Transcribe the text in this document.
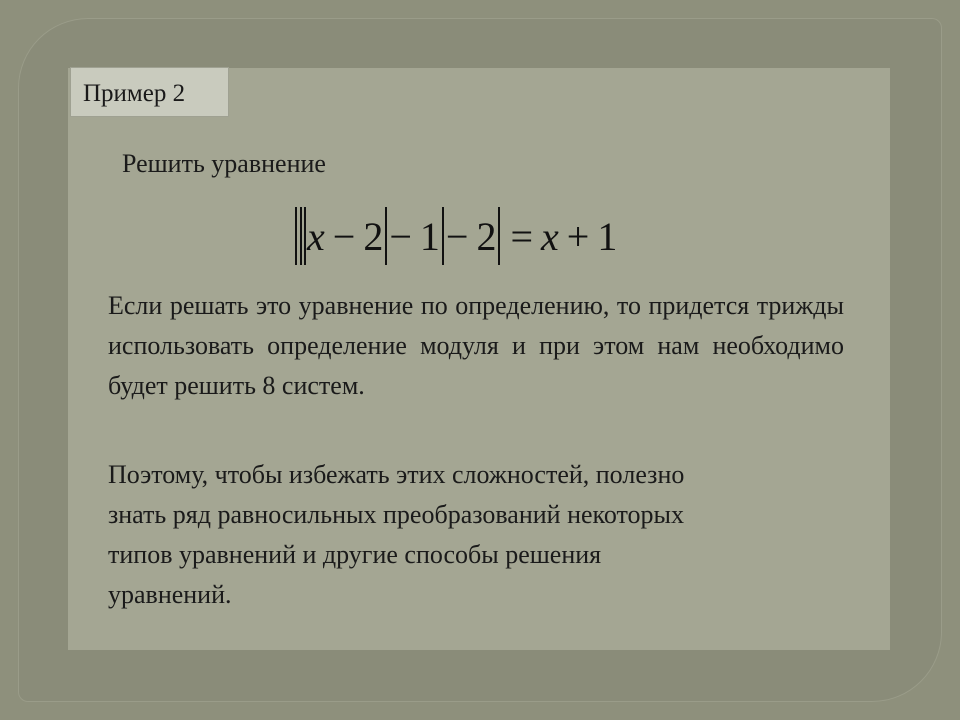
Пример 2
Решить уравнение
x − 2 − 1 − 2 = x + 1
Если решать это уравнение по определению, то придется трижды использовать определение модуля и при этом нам необходимо будет решить 8 систем.
Поэтому, чтобы избежать этих сложностей, полезно
знать ряд равносильных преобразований некоторых
типов уравнений и другие способы решения
уравнений.
